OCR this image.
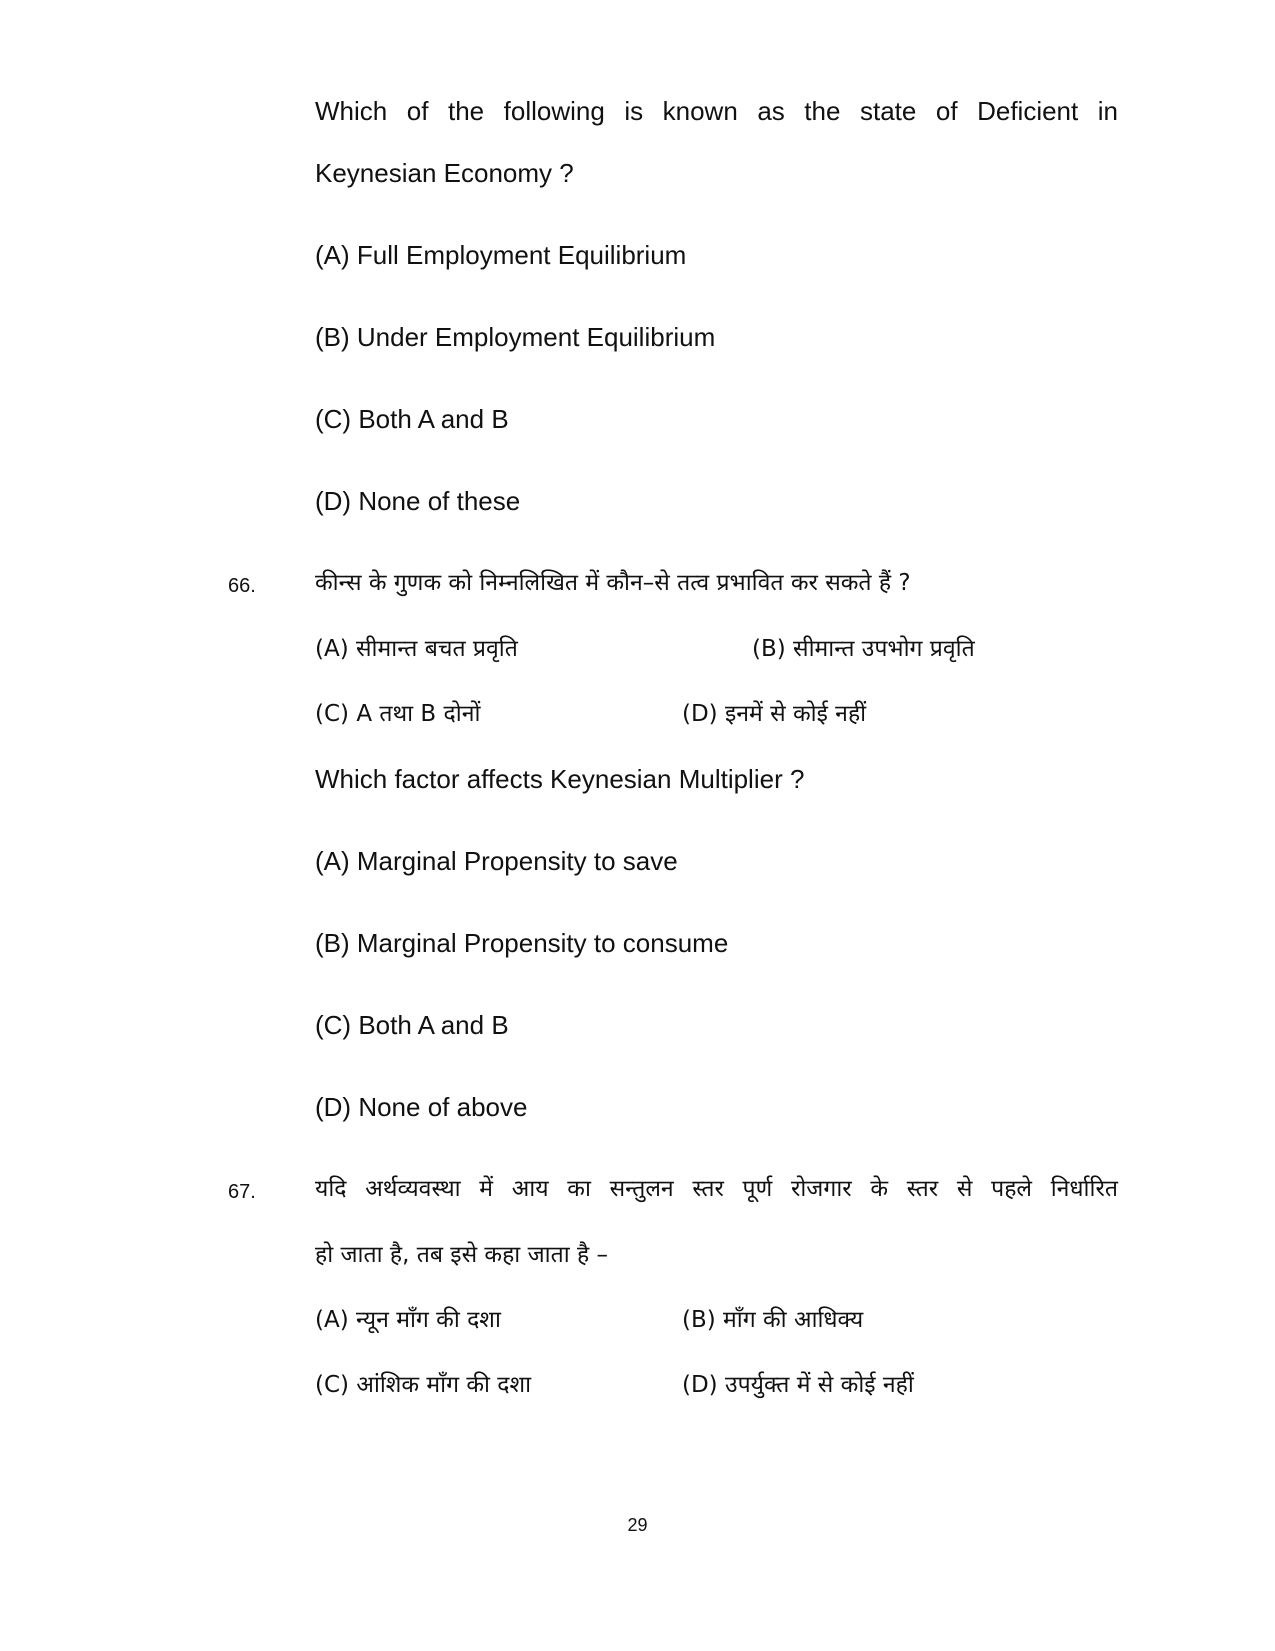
Which of the following is known as the state of Deficient in
Keynesian Economy ?
(A) Full Employment Equilibrium
(B) Under Employment Equilibrium
(C) Both A and B
(D) None of these
66.	कीन्स के गुणक को निम्नलिखित में कौन–से तत्व प्रभावित कर सकते हैं ?
(A) सीमान्त बचत प्रवृति	(B) सीमान्त उपभोग प्रवृति
(C) A तथा B दोनों	(D) इनमें से कोई नहीं
Which factor affects Keynesian Multiplier ?
(A) Marginal Propensity to save
(B) Marginal Propensity to consume
(C) Both A and B
(D) None of above
67.	यदि अर्थव्यवस्था में आय का सन्तुलन स्तर पूर्ण रोजगार के स्तर से पहले निर्धारित
हो जाता है, तब इसे कहा जाता है –
(A) न्यून माँग की दशा	(B) माँग की आधिक्य
(C) आंशिक माँग की दशा	(D) उपर्युक्त में से कोई नहीं
29
